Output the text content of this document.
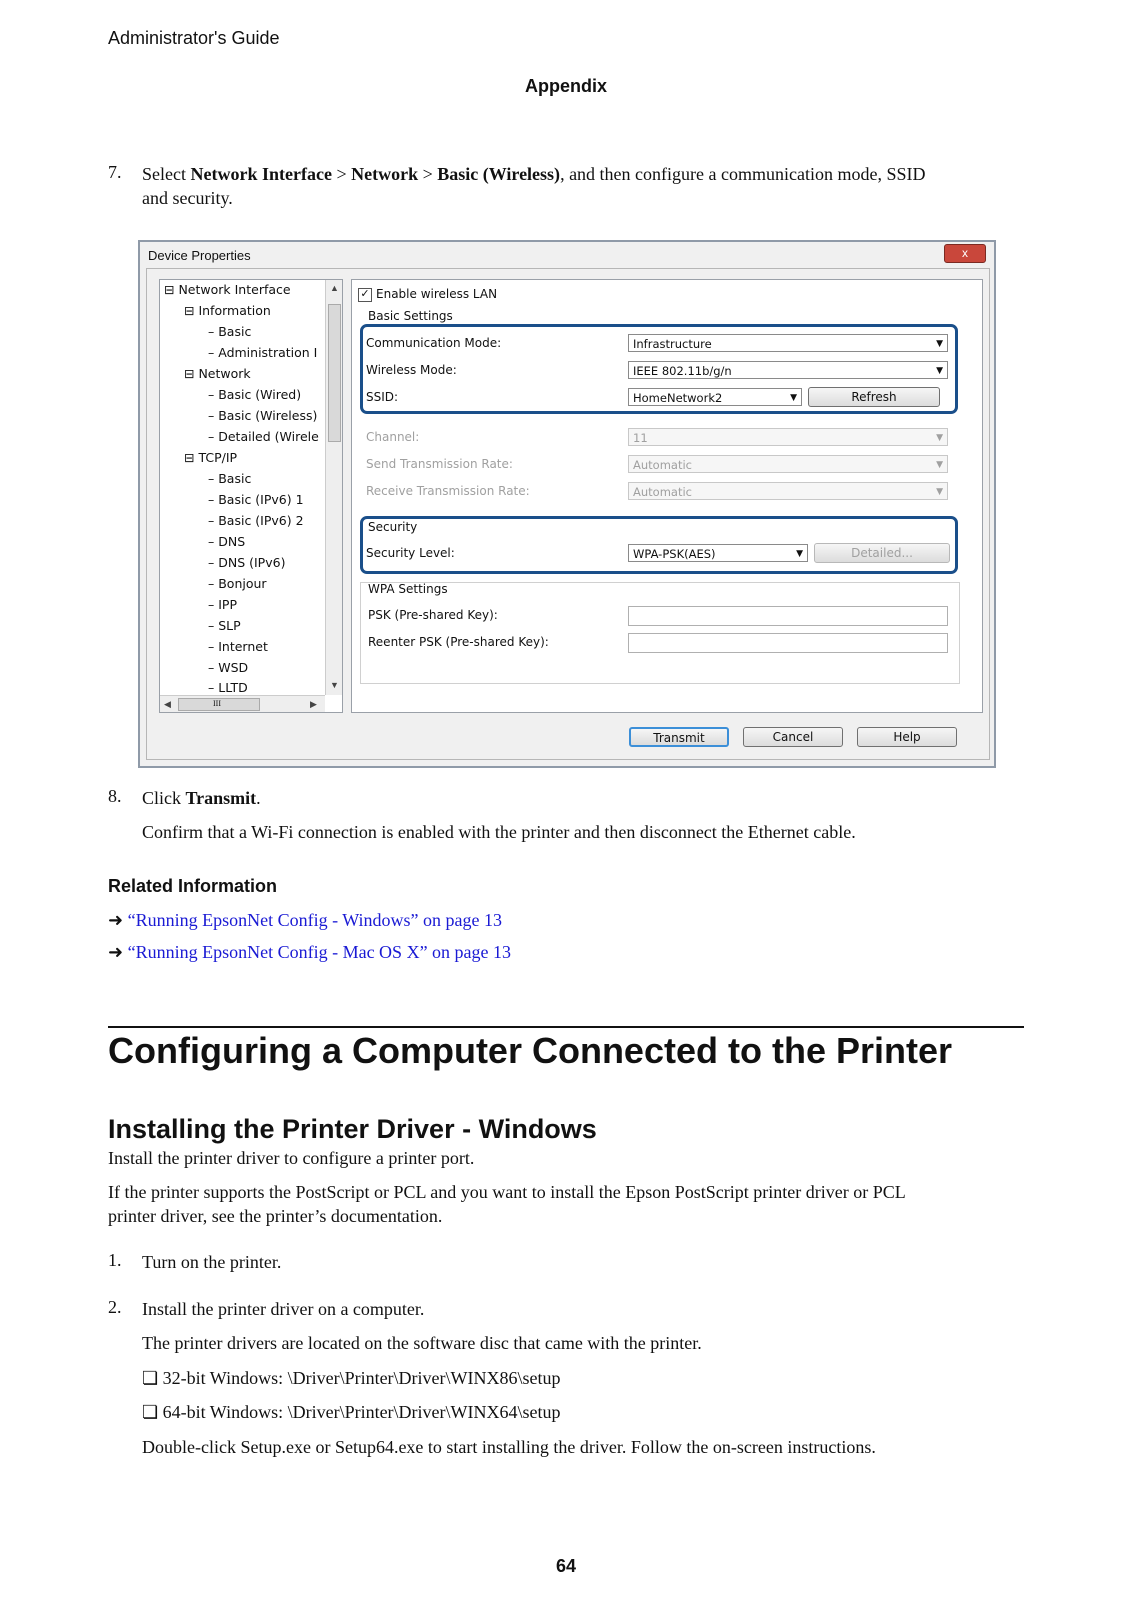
Administrator's Guide
Appendix
7. Select Network Interface > Network > Basic (Wireless), and then configure a communication mode, SSID
and security.
Device Properties	x
⊟ Network Interface
⊟ Information
– Basic
– Administration I
⊟ Network
– Basic (Wired)
– Basic (Wireless)
– Detailed (Wirele
⊟ TCP/IP
– Basic
– Basic (IPv6) 1
– Basic (IPv6) 2
– DNS
– DNS (IPv6)
– Bonjour
– IPP
– SLP
– Internet
– WSD
– LLTD
▲
▼
◀	III	▶
✓ Enable wireless LAN
Basic Settings
Communication Mode:	Infrastructure	▼
Wireless Mode:	IEEE 802.11b/g/n	▼
SSID:	HomeNetwork2	▼	Refresh
Channel:	11	▼
Send Transmission Rate:	Automatic	▼
Receive Transmission Rate:	Automatic	▼
Security
Security Level:	WPA-PSK(AES)	▼	Detailed...
WPA Settings
PSK (Pre-shared Key):
Reenter PSK (Pre-shared Key):
Transmit	Cancel	Help
8. Click Transmit.
Confirm that a Wi-Fi connection is enabled with the printer and then disconnect the Ethernet cable.
Related Information
➜ “Running EpsonNet Config - Windows” on page 13
➜ “Running EpsonNet Config - Mac OS X” on page 13
Configuring a Computer Connected to the Printer
Installing the Printer Driver - Windows
Install the printer driver to configure a printer port.
If the printer supports the PostScript or PCL and you want to install the Epson PostScript printer driver or PCL
printer driver, see the printer’s documentation.
1. Turn on the printer.
2. Install the printer driver on a computer.
The printer drivers are located on the software disc that came with the printer.
❏ 32-bit Windows: \Driver\Printer\Driver\WINX86\setup
❏ 64-bit Windows: \Driver\Printer\Driver\WINX64\setup
Double-click Setup.exe or Setup64.exe to start installing the driver. Follow the on-screen instructions.
64
